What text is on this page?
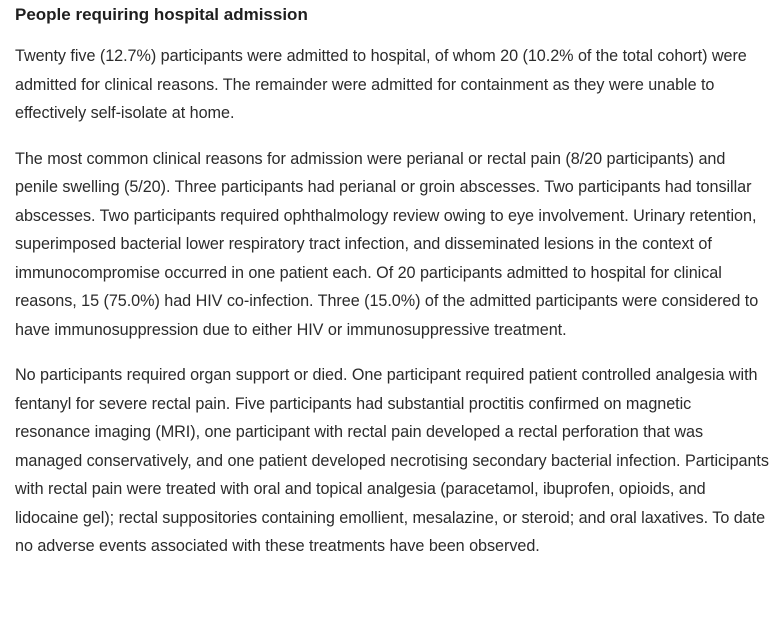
People requiring hospital admission

Twenty five (12.7%) participants were admitted to hospital, of whom 20 (10.2% of the total cohort) were admitted for clinical reasons. The remainder were admitted for containment as they were unable to effectively self-isolate at home.

The most common clinical reasons for admission were perianal or rectal pain (8/20 participants) and penile swelling (5/20). Three participants had perianal or groin abscesses. Two participants had tonsillar abscesses. Two participants required ophthalmology review owing to eye involvement. Urinary retention, superimposed bacterial lower respiratory tract infection, and disseminated lesions in the context of immunocompromise occurred in one patient each. Of 20 participants admitted to hospital for clinical reasons, 15 (75.0%) had HIV co-infection. Three (15.0%) of the admitted participants were considered to have immunosuppression due to either HIV or immunosuppressive treatment.

No participants required organ support or died. One participant required patient controlled analgesia with fentanyl for severe rectal pain. Five participants had substantial proctitis confirmed on magnetic resonance imaging (MRI), one participant with rectal pain developed a rectal perforation that was managed conservatively, and one patient developed necrotising secondary bacterial infection. Participants with rectal pain were treated with oral and topical analgesia (paracetamol, ibuprofen, opioids, and lidocaine gel); rectal suppositories containing emollient, mesalazine, or steroid; and oral laxatives. To date no adverse events associated with these treatments have been observed.
